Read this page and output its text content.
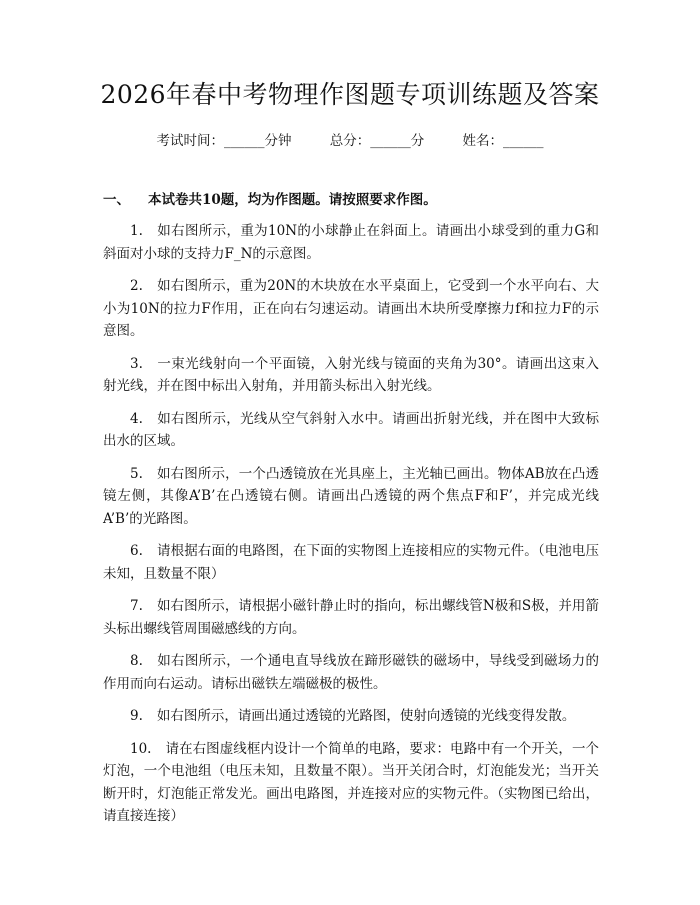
2026年春中考物理作图题专项训练题及答案
考试时间：______分钟	总分：______分	姓名：______
一、 本试卷共10题，均为作图题。请按照要求作图。

1. 如右图所示，重为10N的小球静止在斜面上。请画出小球受到的重力G和斜面对小球的支持力F_N的示意图。

2. 如右图所示，重为20N的木块放在水平桌面上，它受到一个水平向右、大小为10N的拉力F作用，正在向右匀速运动。请画出木块所受摩擦力f和拉力F的示意图。

3. 一束光线射向一个平面镜，入射光线与镜面的夹角为30°。请画出这束入射光线，并在图中标出入射角，并用箭头标出入射光线。

4. 如右图所示，光线从空气斜射入水中。请画出折射光线，并在图中大致标出水的区域。

5. 如右图所示，一个凸透镜放在光具座上，主光轴已画出。物体AB放在凸透镜左侧，其像A’B’在凸透镜右侧。请画出凸透镜的两个焦点F和F’，并完成光线A’B’的光路图。

6. 请根据右面的电路图，在下面的实物图上连接相应的实物元件。（电池电压未知，且数量不限）

7. 如右图所示，请根据小磁针静止时的指向，标出螺线管N极和S极，并用箭头标出螺线管周围磁感线的方向。

8. 如右图所示，一个通电直导线放在蹄形磁铁的磁场中，导线受到磁场力的作用而向右运动。请标出磁铁左端磁极的极性。

9. 如右图所示，请画出通过透镜的光路图，使射向透镜的光线变得发散。

10. 请在右图虚线框内设计一个简单的电路，要求：电路中有一个开关，一个灯泡，一个电池组（电压未知，且数量不限）。当开关闭合时，灯泡能发光；当开关断开时，灯泡能正常发光。画出电路图，并连接对应的实物元件。（实物图已给出，请直接连接）
